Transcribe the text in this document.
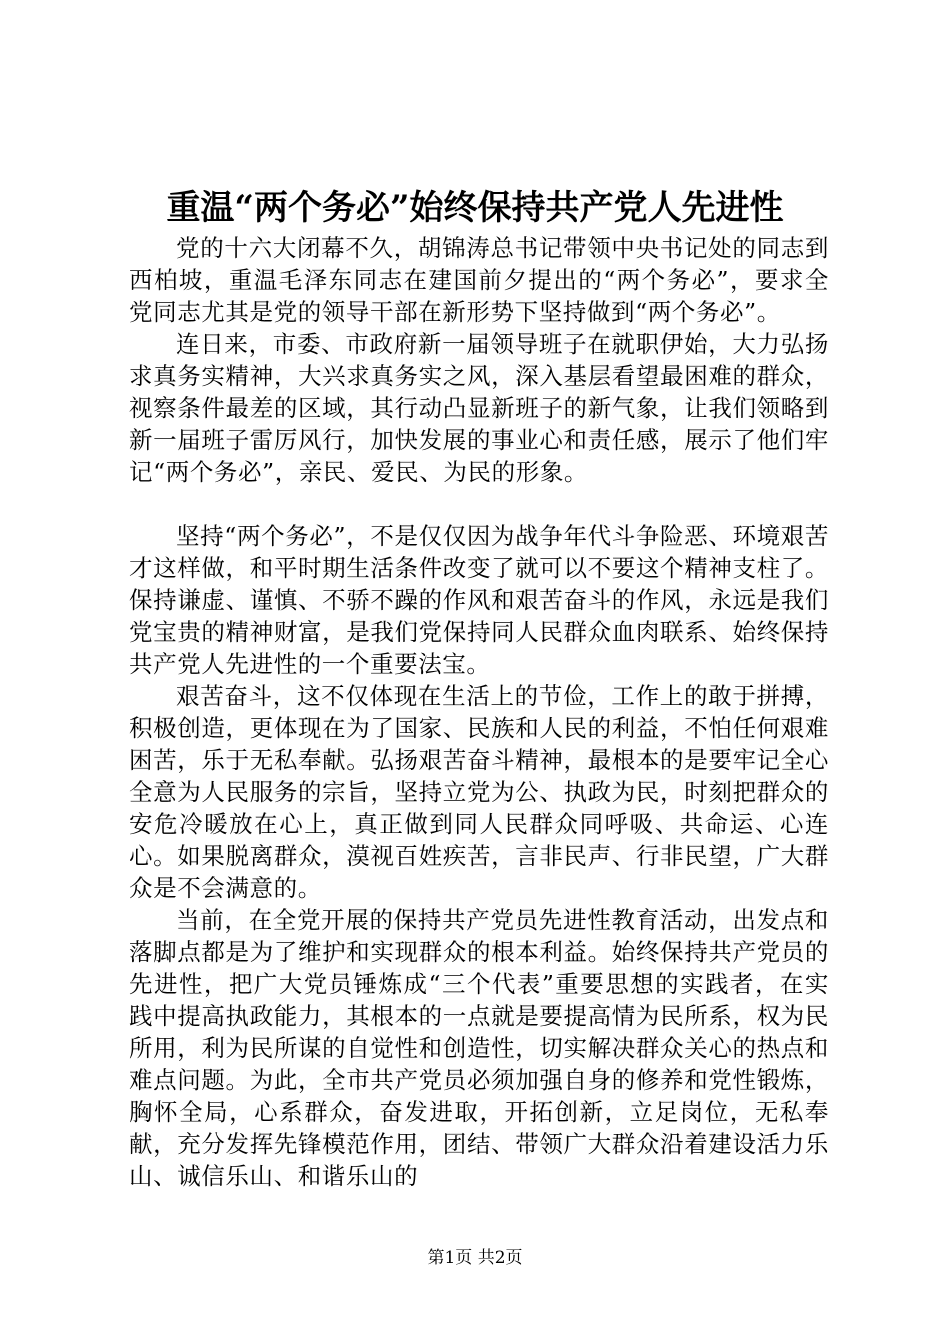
重温“两个务必”始终保持共产党人先进性

党的十六大闭幕不久，胡锦涛总书记带领中央书记处的同志到西柏坡，重温毛泽东同志在建国前夕提出的“两个务必”，要求全党同志尤其是党的领导干部在新形势下坚持做到“两个务必”。

连日来，市委、市政府新一届领导班子在就职伊始，大力弘扬求真务实精神，大兴求真务实之风，深入基层看望最困难的群众，视察条件最差的区域，其行动凸显新班子的新气象，让我们领略到新一届班子雷厉风行，加快发展的事业心和责任感，展示了他们牢记“两个务必”，亲民、爱民、为民的形象。

坚持“两个务必”，不是仅仅因为战争年代斗争险恶、环境艰苦才这样做，和平时期生活条件改变了就可以不要这个精神支柱了。保持谦虚、谨慎、不骄不躁的作风和艰苦奋斗的作风，永远是我们党宝贵的精神财富，是我们党保持同人民群众血肉联系、始终保持共产党人先进性的一个重要法宝。

艰苦奋斗，这不仅体现在生活上的节俭，工作上的敢于拼搏，积极创造，更体现在为了国家、民族和人民的利益，不怕任何艰难困苦，乐于无私奉献。弘扬艰苦奋斗精神，最根本的是要牢记全心全意为人民服务的宗旨，坚持立党为公、执政为民，时刻把群众的安危冷暖放在心上，真正做到同人民群众同呼吸、共命运、心连心。如果脱离群众，漠视百姓疾苦，言非民声、行非民望，广大群众是不会满意的。

当前，在全党开展的保持共产党员先进性教育活动，出发点和落脚点都是为了维护和实现群众的根本利益。始终保持共产党员的先进性，把广大党员锤炼成“三个代表”重要思想的实践者，在实践中提高执政能力，其根本的一点就是要提高情为民所系，权为民所用，利为民所谋的自觉性和创造性，切实解决群众关心的热点和难点问题。为此，全市共产党员必须加强自身的修养和党性锻炼，胸怀全局，心系群众，奋发进取，开拓创新，立足岗位，无私奉献，充分发挥先锋模范作用，团结、带领广大群众沿着建设活力乐山、诚信乐山、和谐乐山的

第1页 共2页
